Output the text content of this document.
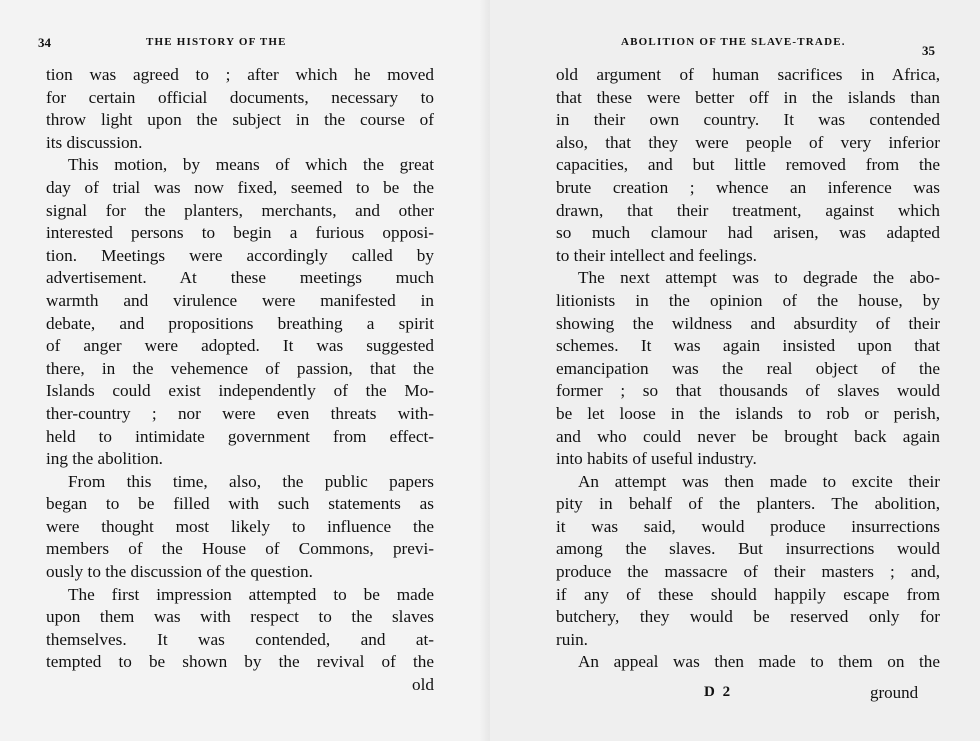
34	THE HISTORY OF THE
tion was agreed to ; after which he moved
for certain official documents, necessary to
throw light upon the subject in the course of
its discussion.
This motion, by means of which the great
day of trial was now fixed, seemed to be the
signal for the planters, merchants, and other
interested persons to begin a furious opposi-
tion. Meetings were accordingly called by
advertisement. At these meetings much
warmth and virulence were manifested in
debate, and propositions breathing a spirit
of anger were adopted. It was suggested
there, in the vehemence of passion, that the
Islands could exist independently of the Mo-
ther-country ; nor were even threats with-
held to intimidate government from effect-
ing the abolition.
From this time, also, the public papers
began to be filled with such statements as
were thought most likely to influence the
members of the House of Commons, previ-
ously to the discussion of the question.
The first impression attempted to be made
upon them was with respect to the slaves
themselves. It was contended, and at-
tempted to be shown by the revival of the
old
ABOLITION OF THE SLAVE-TRADE.
35
old argument of human sacrifices in Africa,
that these were better off in the islands than
in their own country. It was contended
also, that they were people of very inferior
capacities, and but little removed from the
brute creation ; whence an inference was
drawn, that their treatment, against which
so much clamour had arisen, was adapted
to their intellect and feelings.
The next attempt was to degrade the abo-
litionists in the opinion of the house, by
showing the wildness and absurdity of their
schemes. It was again insisted upon that
emancipation was the real object of the
former ; so that thousands of slaves would
be let loose in the islands to rob or perish,
and who could never be brought back again
into habits of useful industry.
An attempt was then made to excite their
pity in behalf of the planters. The abolition,
it was said, would produce insurrections
among the slaves. But insurrections would
produce the massacre of their masters ; and,
if any of these should happily escape from
butchery, they would be reserved only for
ruin.
An appeal was then made to them on the
D 2	ground
